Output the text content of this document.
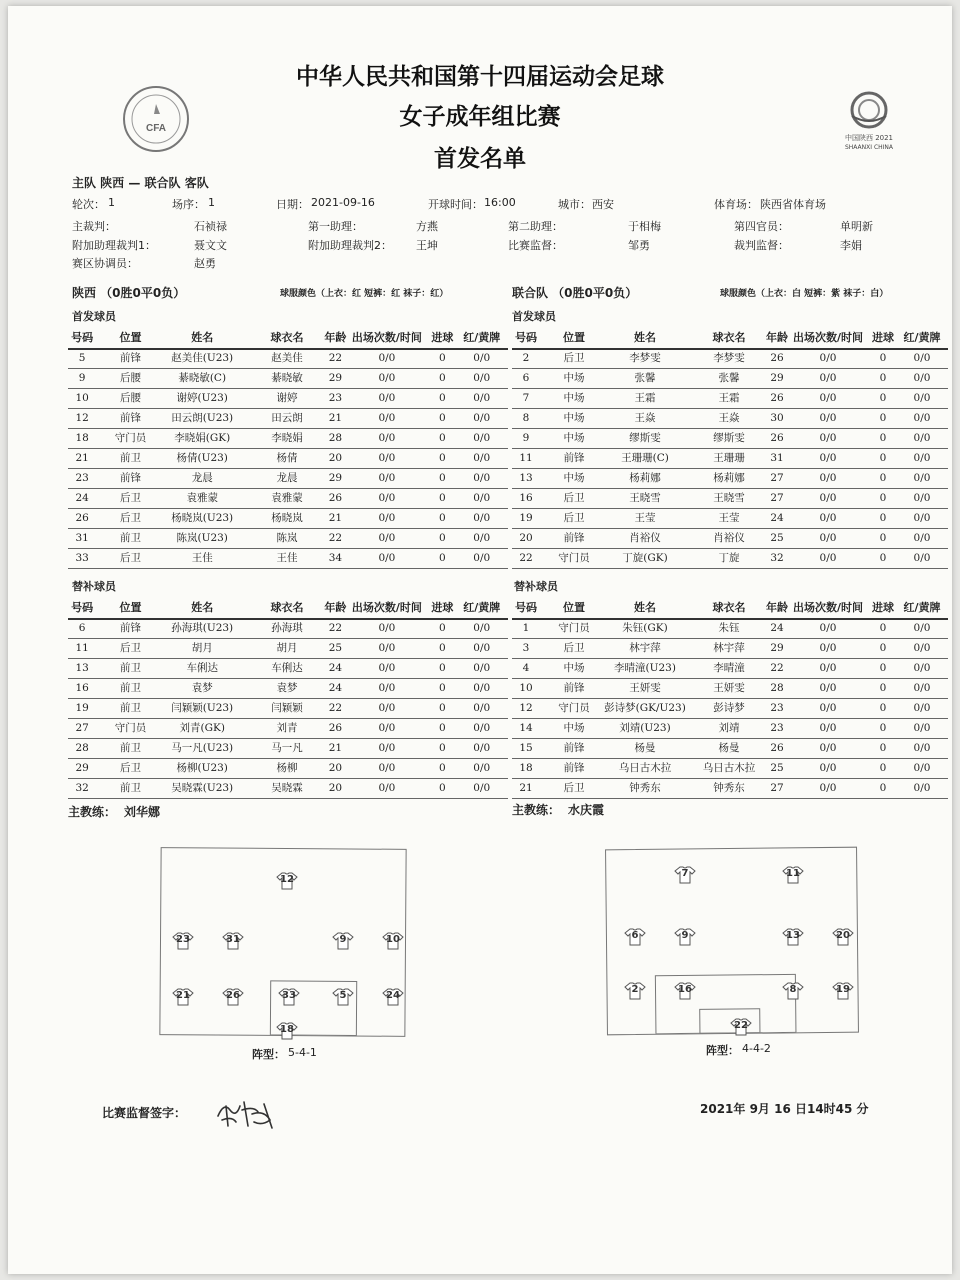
CFA
中国陕西 2021
SHAANXI CHINA
中华人民共和国第十四届运动会足球
女子成年组比赛
首发名单
主队 陕西 — 联合队 客队
轮次： 1	场序： 1	日期： 2021-09-16	开球时间： 16:00	城市： 西安	体育场： 陕西省体育场
主裁判：	石祯禄	第一助理：	方燕	第二助理：	于相梅	第四官员：	单明新
附加助理裁判1：	聂文文	附加助理裁判2： 王坤	比赛监督：	邹勇	裁判监督：	李娟
赛区协调员：	赵勇
陕西 （0胜0平0负）	球服颜色（上衣：红 短裤：红 袜子：红）
首发球员
联合队 （0胜0平0负）	球服颜色（上衣：白 短裤：紫 袜子：白）
首发球员
号码	位置	姓名	球衣名	年龄 出场次数/时间 进球 红/黄牌
5	前锋	赵美佳(U23)	赵美佳	22	0/0	0	0/0
9	后腰	綦晓敏(C)	綦晓敏	29	0/0	0	0/0
10	后腰	谢婷(U23)	谢婷	23	0/0	0	0/0
12	前锋	田云朗(U23)	田云朗	21	0/0	0	0/0
18	守门员	李晓娟(GK)	李晓娟	28	0/0	0	0/0
21	前卫	杨倩(U23)	杨倩	20	0/0	0	0/0
23	前锋	龙晨	龙晨	29	0/0	0	0/0
24	后卫	袁雅蒙	袁雅蒙	26	0/0	0	0/0
26	后卫	杨晓岚(U23)	杨晓岚	21	0/0	0	0/0
31	前卫	陈岚(U23)	陈岚	22	0/0	0	0/0
33	后卫	王佳	王佳	34	0/0	0	0/0
号码	位置	姓名	球衣名	年龄 出场次数/时间 进球 红/黄牌
2	后卫	李梦雯	李梦雯	26	0/0	0	0/0
6	中场	张馨	张馨	29	0/0	0	0/0
7	中场	王霜	王霜	26	0/0	0	0/0
8	中场	王焱	王焱	30	0/0	0	0/0
9	中场	缪斯雯	缪斯雯	26	0/0	0	0/0
11	前锋	王珊珊(C)	王珊珊	31	0/0	0	0/0
13	中场	杨莉娜	杨莉娜	27	0/0	0	0/0
16	后卫	王晓雪	王晓雪	27	0/0	0	0/0
19	后卫	王莹	王莹	24	0/0	0	0/0
20	前锋	肖裕仪	肖裕仪	25	0/0	0	0/0
22	守门员	丁旋(GK)	丁旋	32	0/0	0	0/0
替补球员	替补球员
号码	位置	姓名	球衣名	年龄 出场次数/时间 进球 红/黄牌
6	前锋	孙海琪(U23)	孙海琪	22	0/0	0	0/0
11	后卫	胡月	胡月	25	0/0	0	0/0
13	前卫	车俐达	车俐达	24	0/0	0	0/0
16	前卫	袁梦	袁梦	24	0/0	0	0/0
19	前卫	闫颖颖(U23)	闫颖颖	22	0/0	0	0/0
27	守门员	刘青(GK)	刘青	26	0/0	0	0/0
28	前卫	马一凡(U23)	马一凡	21	0/0	0	0/0
29	后卫	杨柳(U23)	杨柳	20	0/0	0	0/0
32	前卫	吴晓霖(U23)	吴晓霖	20	0/0	0	0/0
号码	位置	姓名	球衣名	年龄 出场次数/时间 进球 红/黄牌
1	守门员	朱钰(GK)	朱钰	24	0/0	0	0/0
3	后卫	林宇萍	林宇萍	29	0/0	0	0/0
4	中场	李晴潼(U23)	李晴潼	22	0/0	0	0/0
10	前锋	王妍雯	王妍雯	28	0/0	0	0/0
12	守门员 彭诗梦(GK/U23)	彭诗梦	23	0/0	0	0/0
14	中场	刘靖(U23)	刘靖	23	0/0	0	0/0
15	前锋	杨曼	杨曼	26	0/0	0	0/0
18	前锋	乌日古木拉	乌日古木拉	25	0/0	0	0/0
21	后卫	钟秀东	钟秀东	27	0/0	0	0/0
主教练： 刘华娜	主教练： 水庆霞
12
23	31	9	10
21	26	33	5	24
18
阵型： 5-4-1
7	11
6	9	13	20
2	16	8	19
22
阵型： 4-4-2
比赛监督签字：	2021年 9月 16 日14时45 分
